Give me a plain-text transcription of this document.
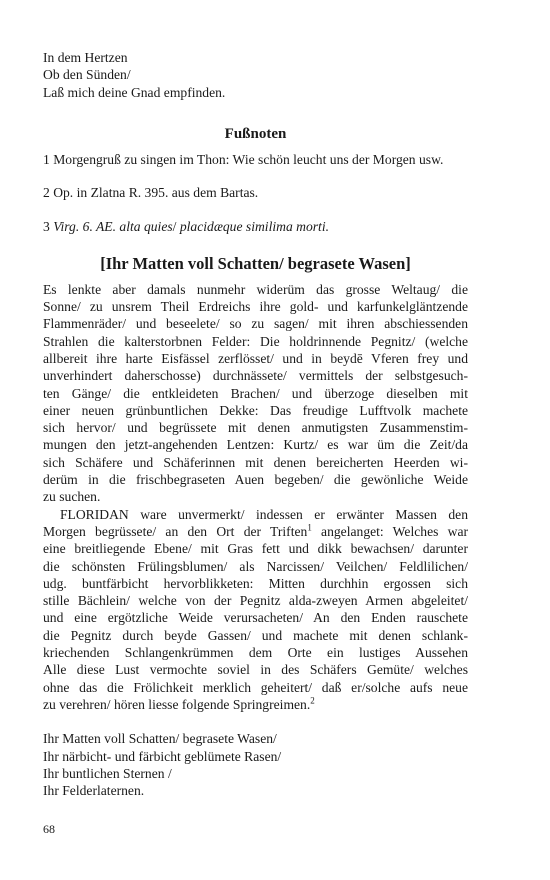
In dem Hertzen
Ob den Sünden/
Laß mich deine Gnad empfinden.
Fußnoten
1 Morgengruß zu singen im Thon: Wie schön leucht uns der Morgen usw.
2 Op. in Zlatna R. 395. aus dem Bartas.
3 Virg. 6. AE. alta quies/ placidæque similima morti.
[Ihr Matten voll Schatten/ begrasete Wasen]
Es lenkte aber damals nunmehr widerüm das grosse Weltaug/ die
Sonne/ zu unsrem Theil Erdreichs ihre gold- und karfunkelgläntzende
Flammenräder/ und beseelete/ so zu sagen/ mit ihren abschiessenden
Strahlen die kalterstorbnen Felder: Die holdrinnende Pegnitz/ (welche
allbereit ihre harte Eisfässel zerflösset/ und in beydē Vferen frey und
unverhindert daherschosse) durchnässete/ vermittels der selbstgesuch-
ten Gänge/ die entkleideten Brachen/ und überzoge dieselben mit
einer neuen grünbuntlichen Dekke: Das freudige Lufftvolk machete
sich hervor/ und begrüssete mit denen anmutigsten Zusammenstim-
mungen den jetzt-angehenden Lentzen: Kurtz/ es war üm die Zeit/da
sich Schäfere und Schäferinnen mit denen bereicherten Heerden wi-
derüm in die frischbegraseten Auen begeben/ die gewönliche Weide
zu suchen.
FLORIDAN ware unvermerkt/ indessen er erwänter Massen den
Morgen begrüssete/ an den Ort der Triften$^1$ angelanget: Welches war
eine breitliegende Ebene/ mit Gras fett und dikk bewachsen/ darunter
die schönsten Frülingsblumen/ als Narcissen/ Veilchen/ Feldlilichen/
udg. buntfärbicht hervorblikketen: Mitten durchhin ergossen sich
stille Bächlein/ welche von der Pegnitz alda-zweyen Armen abgeleitet/
und eine ergötzliche Weide verursacheten/ An den Enden rauschete
die Pegnitz durch beyde Gassen/ und machete mit denen schlank-
kriechenden Schlangenkrümmen dem Orte ein lustiges Aussehen
Alle diese Lust vermochte soviel in des Schäfers Gemüte/ welches
ohne das die Frölichkeit merklich geheitert/ daß er/solche aufs neue
zu verehren/ hören liesse folgende Springreimen.$^2$
Ihr Matten voll Schatten/ begrasete Wasen/
Ihr närbicht- und färbicht geblümete Rasen/
Ihr buntlichen Sternen /
Ihr Felderlaternen.
68
